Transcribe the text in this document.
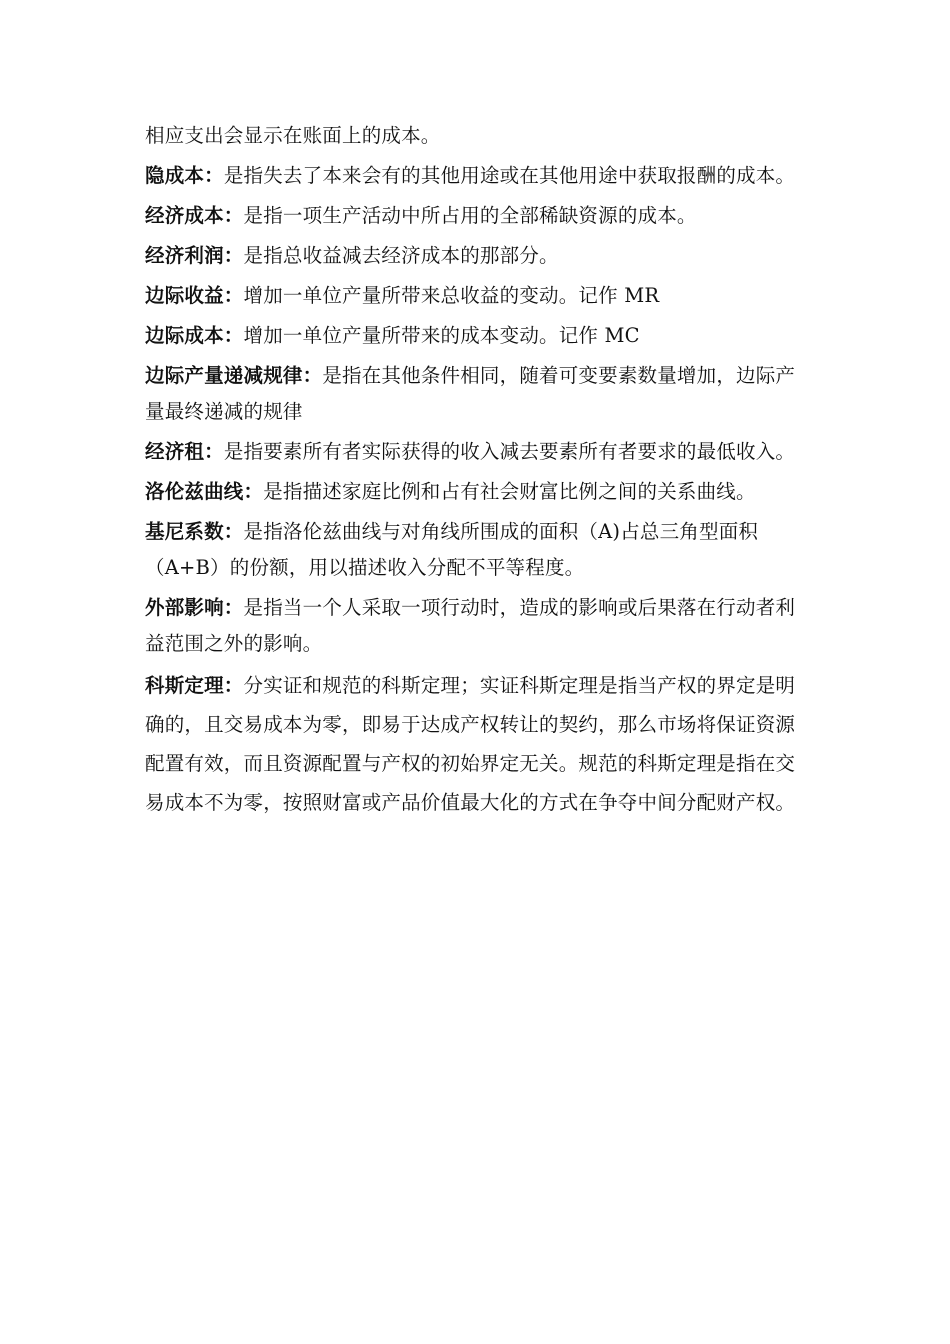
相应支出会显示在账面上的成本。

隐成本：是指失去了本来会有的其他用途或在其他用途中获取报酬的成本。

经济成本：是指一项生产活动中所占用的全部稀缺资源的成本。

经济利润：是指总收益减去经济成本的那部分。

边际收益：增加一单位产量所带来总收益的变动。记作 MR

边际成本：增加一单位产量所带来的成本变动。记作 MC

边际产量递减规律：是指在其他条件相同，随着可变要素数量增加，边际产量最终递减的规律

经济租：是指要素所有者实际获得的收入减去要素所有者要求的最低收入。

洛伦兹曲线：是指描述家庭比例和占有社会财富比例之间的关系曲线。

基尼系数：是指洛伦兹曲线与对角线所围成的面积（A)占总三角型面积（A+B）的份额，用以描述收入分配不平等程度。

外部影响：是指当一个人采取一项行动时，造成的影响或后果落在行动者利益范围之外的影响。

科斯定理：分实证和规范的科斯定理；实证科斯定理是指当产权的界定是明确的，且交易成本为零，即易于达成产权转让的契约，那么市场将保证资源配置有效，而且资源配置与产权的初始界定无关。规范的科斯定理是指在交易成本不为零，按照财富或产品价值最大化的方式在争夺中间分配财产权。
